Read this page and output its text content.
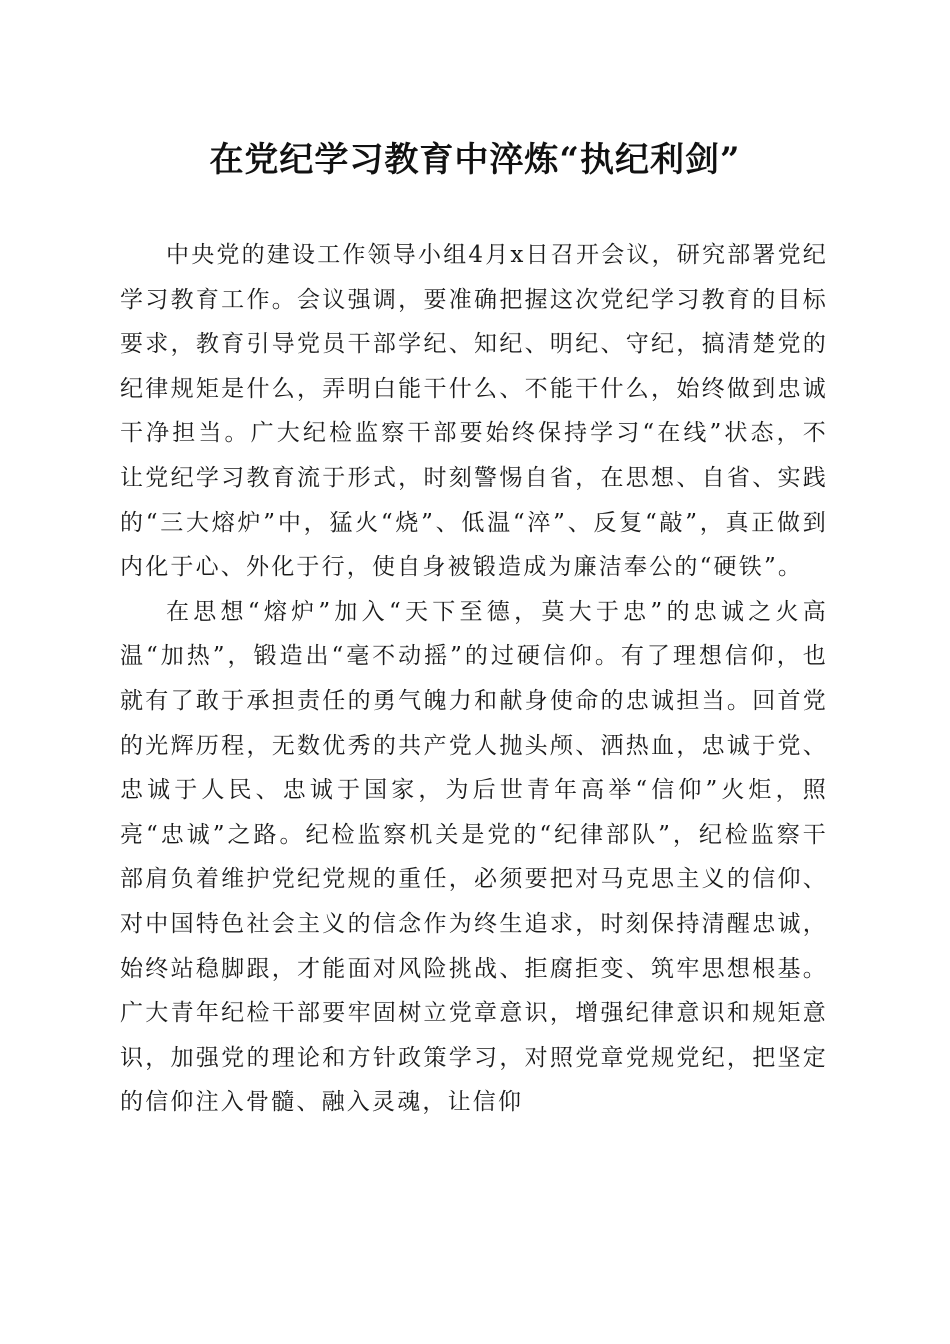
在党纪学习教育中淬炼“执纪利剑”

中央党的建设工作领导小组4月x日召开会议，研究部署党纪学习教育工作。会议强调，要准确把握这次党纪学习教育的目标要求，教育引导党员干部学纪、知纪、明纪、守纪，搞清楚党的纪律规矩是什么，弄明白能干什么、不能干什么，始终做到忠诚干净担当。广大纪检监察干部要始终保持学习“在线”状态，不让党纪学习教育流于形式，时刻警惕自省，在思想、自省、实践的“三大熔炉”中，猛火“烧”、低温“淬”、反复“敲”，真正做到内化于心、外化于行，使自身被锻造成为廉洁奉公的“硬铁”。

在思想“熔炉”加入“天下至德，莫大于忠”的忠诚之火高温“加热”，锻造出“毫不动摇”的过硬信仰。有了理想信仰，也就有了敢于承担责任的勇气魄力和献身使命的忠诚担当。回首党的光辉历程，无数优秀的共产党人抛头颅、洒热血，忠诚于党、忠诚于人民、忠诚于国家，为后世青年高举“信仰”火炬，照亮“忠诚”之路。纪检监察机关是党的“纪律部队”，纪检监察干部肩负着维护党纪党规的重任，必须要把对马克思主义的信仰、对中国特色社会主义的信念作为终生追求，时刻保持清醒忠诚，始终站稳脚跟，才能面对风险挑战、拒腐拒变、筑牢思想根基。广大青年纪检干部要牢固树立党章意识，增强纪律意识和规矩意识，加强党的理论和方针政策学习，对照党章党规党纪，把坚定的信仰注入骨髓、融入灵魂，让信仰
